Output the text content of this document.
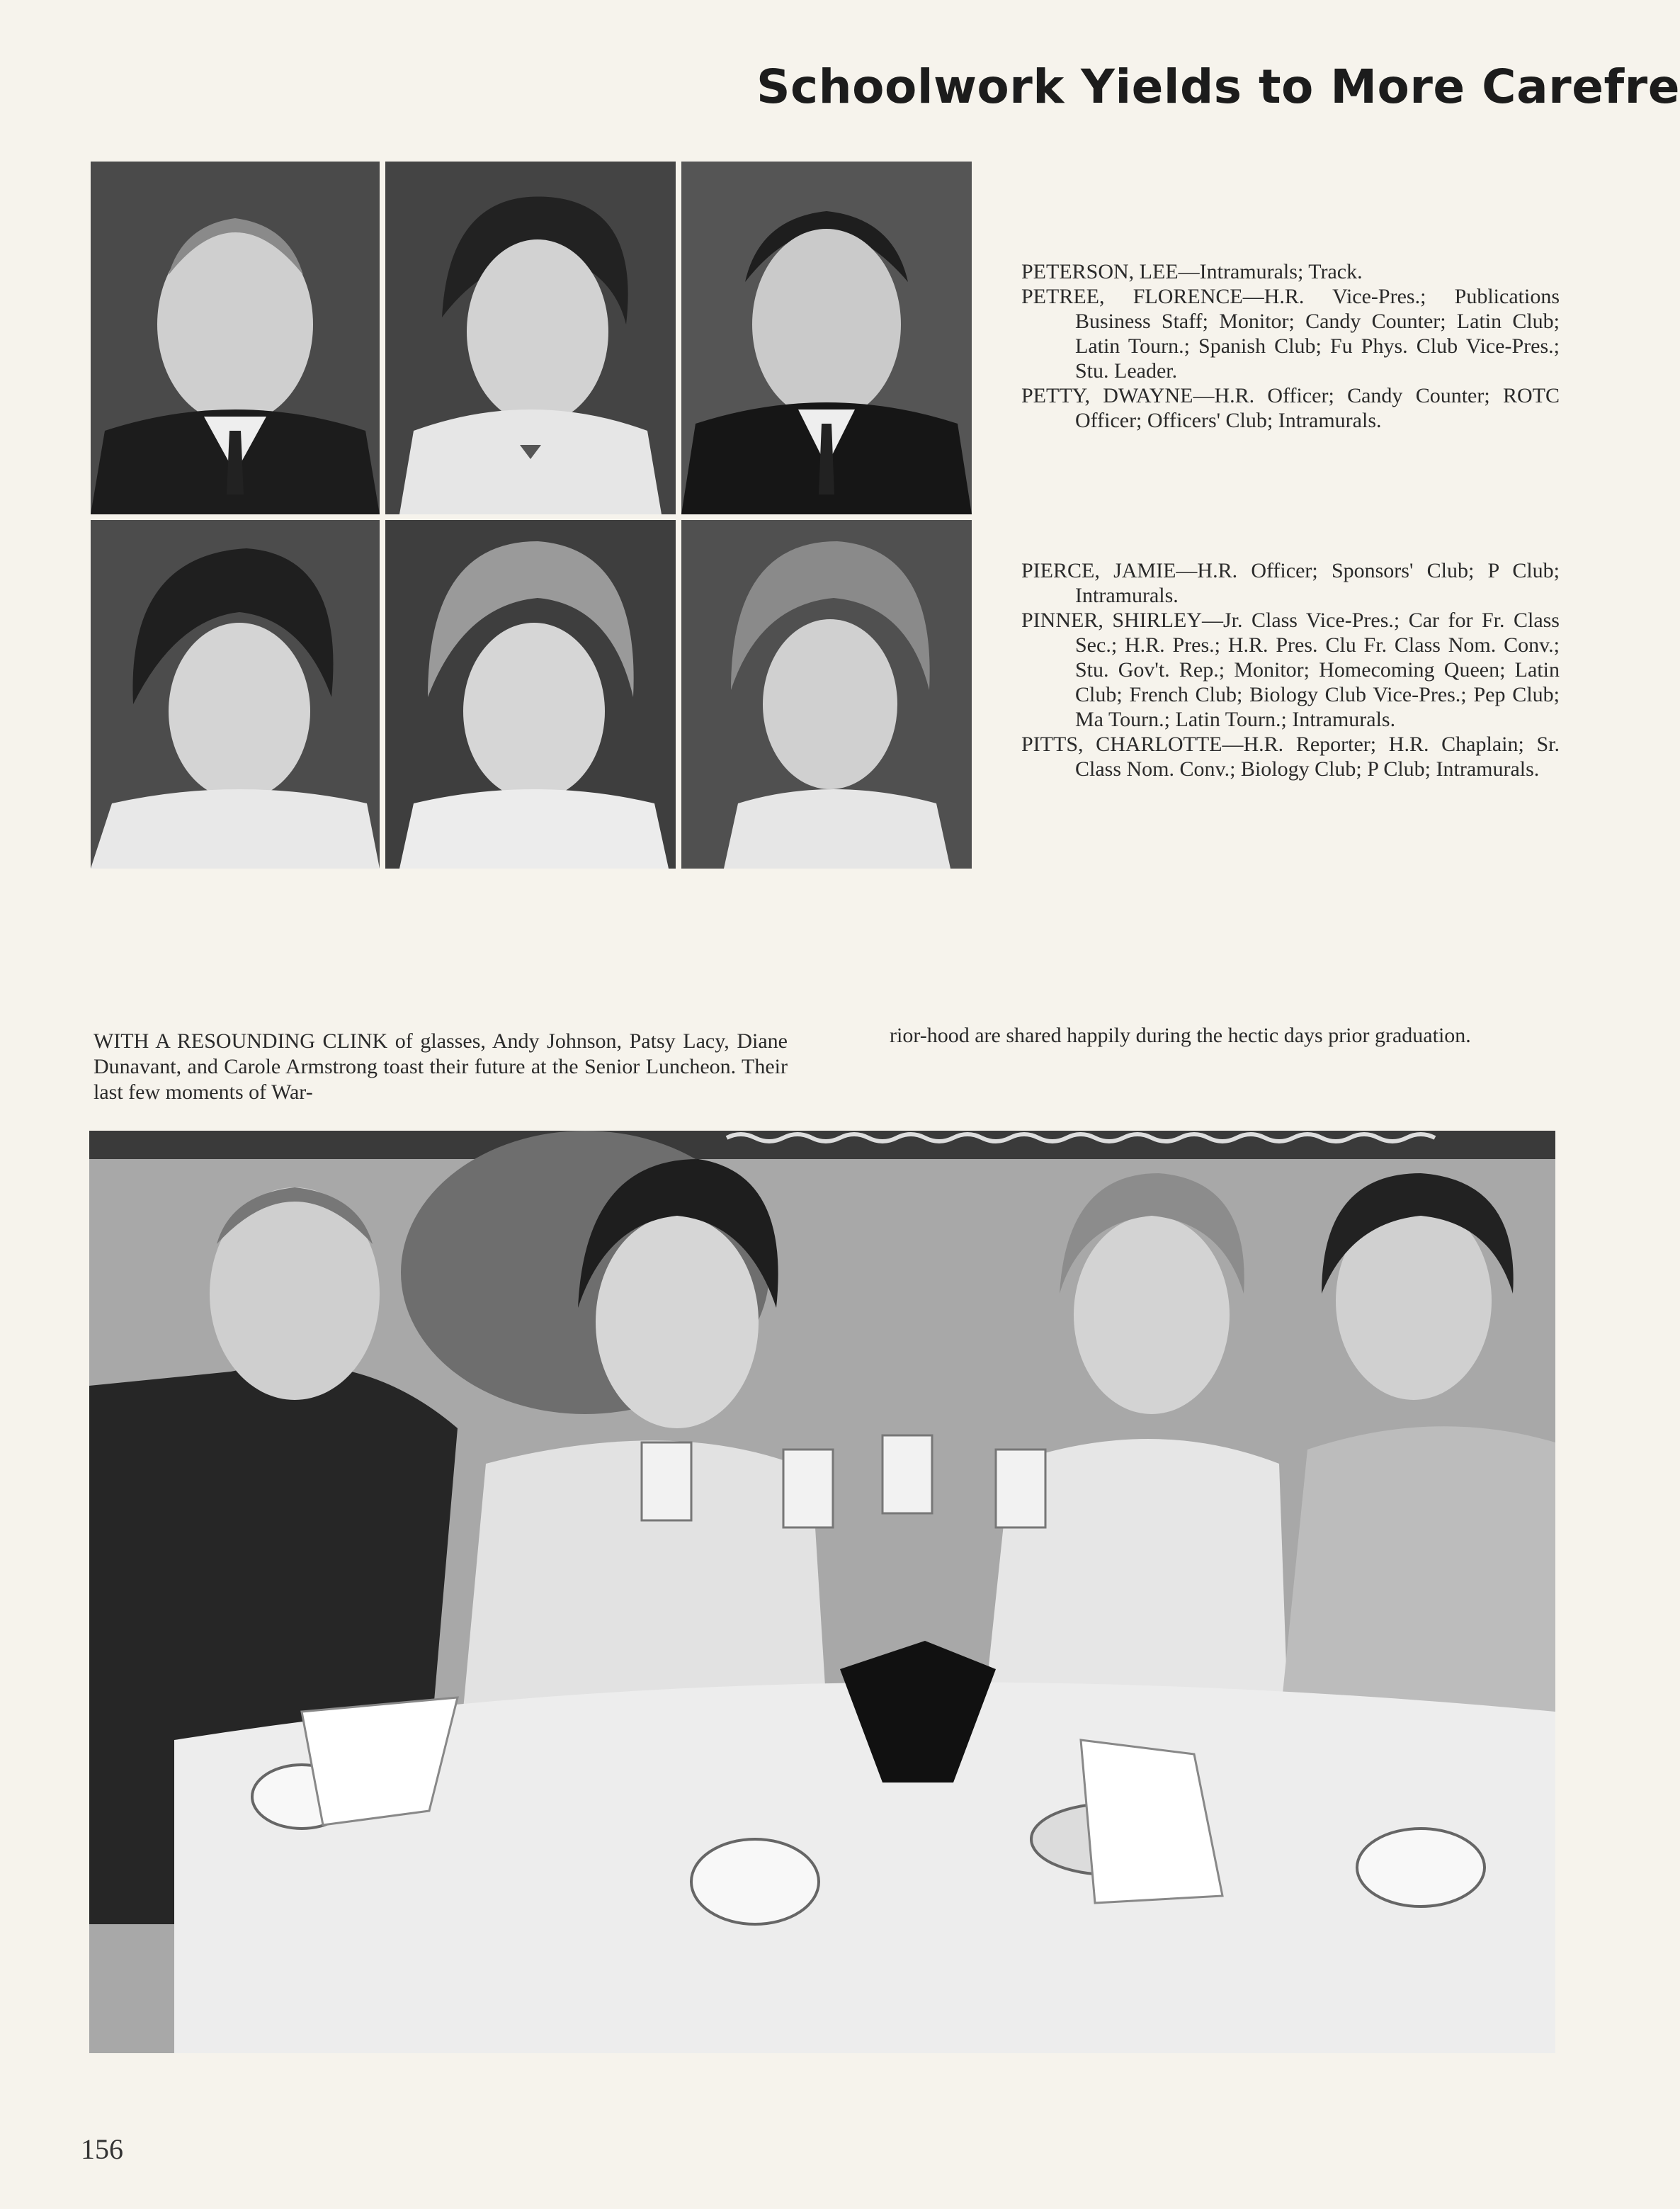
Schoolwork Yields to More Carefre

PETERSON, LEE—Intramurals; Track.

PETREE, FLORENCE—H.R. Vice-Pres.; Publications Business Staff; Monitor; Candy Counter; Latin Club; Latin Tourn.; Spanish Club; Fu Phys. Club Vice-Pres.; Stu. Leader.

PETTY, DWAYNE—H.R. Officer; Candy Counter; ROTC Officer; Officers' Club; Intramurals.

PIERCE, JAMIE—H.R. Officer; Sponsors' Club; P Club; Intramurals.

PINNER, SHIRLEY—Jr. Class Vice-Pres.; Car for Fr. Class Sec.; H.R. Pres.; H.R. Pres. Clu Fr. Class Nom. Conv.; Stu. Gov't. Rep.; Monitor; Homecoming Queen; Latin Club; French Club; Biology Club Vice-Pres.; Pep Club; Ma Tourn.; Latin Tourn.; Intramurals.

PITTS, CHARLOTTE—H.R. Reporter; H.R. Chaplain; Sr. Class Nom. Conv.; Biology Club; P Club; Intramurals.

WITH A RESOUNDING CLINK of glasses, Andy Johnson, Patsy Lacy, Diane Dunavant, and Carole Armstrong toast their future at the Senior Luncheon. Their last few moments of War-
rior-hood are shared happily during the hectic days prior graduation.
156
